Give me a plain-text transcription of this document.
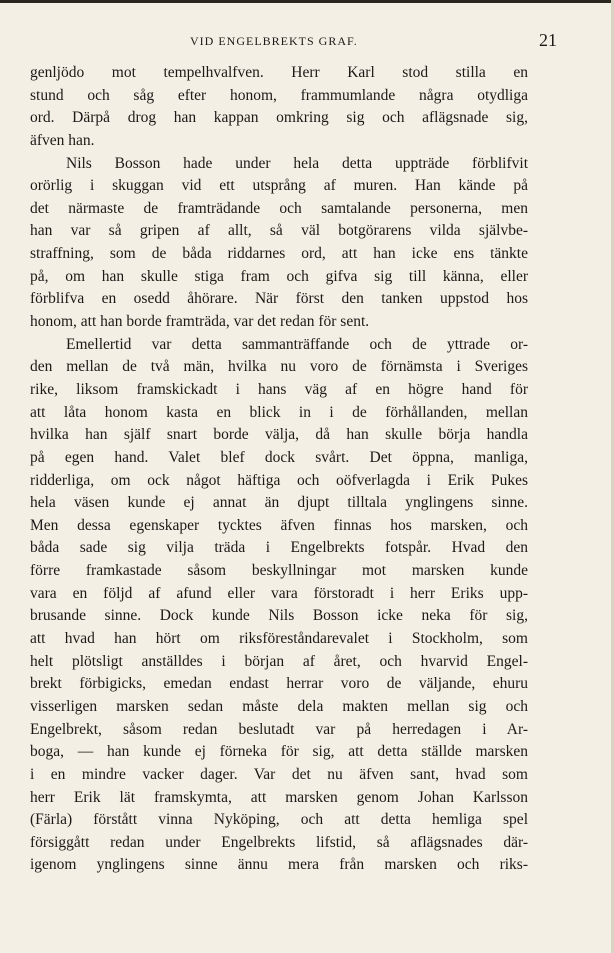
VID ENGELBREKTS GRAF.	21
genljödo mot tempelhvalfven. Herr Karl stod stilla en
stund och såg efter honom, frammumlande några otydliga
ord. Därpå drog han kappan omkring sig och aflägsnade sig,
äfven han.
Nils Bosson hade under hela detta uppträde förblifvit
orörlig i skuggan vid ett utsprång af muren. Han kände på
det närmaste de framträdande och samtalande personerna, men
han var så gripen af allt, så väl botgörarens vilda självbe-
straffning, som de båda riddarnes ord, att han icke ens tänkte
på, om han skulle stiga fram och gifva sig till känna, eller
förblifva en osedd åhörare. När först den tanken uppstod hos
honom, att han borde framträda, var det redan för sent.
Emellertid var detta sammanträffande och de yttrade or-
den mellan de två män, hvilka nu voro de förnämsta i Sveriges
rike, liksom framskickadt i hans väg af en högre hand för
att låta honom kasta en blick in i de förhållanden, mellan
hvilka han själf snart borde välja, då han skulle börja handla
på egen hand. Valet blef dock svårt. Det öppna, manliga,
ridderliga, om ock något häftiga och oöfverlagda i Erik Pukes
hela väsen kunde ej annat än djupt tilltala ynglingens sinne.
Men dessa egenskaper tycktes äfven finnas hos marsken, och
båda sade sig vilja träda i Engelbrekts fotspår. Hvad den
förre framkastade såsom beskyllningar mot marsken kunde
vara en följd af afund eller vara förstoradt i herr Eriks upp-
brusande sinne. Dock kunde Nils Bosson icke neka för sig,
att hvad han hört om riksföreståndarevalet i Stockholm, som
helt plötsligt anställdes i början af året, och hvarvid Engel-
brekt förbigicks, emedan endast herrar voro de väljande, ehuru
visserligen marsken sedan måste dela makten mellan sig och
Engelbrekt, såsom redan beslutadt var på herredagen i Ar-
boga, — han kunde ej förneka för sig, att detta ställde marsken
i en mindre vacker dager. Var det nu äfven sant, hvad som
herr Erik lät framskymta, att marsken genom Johan Karlsson
(Färla) förstått vinna Nyköping, och att detta hemliga spel
försiggått redan under Engelbrekts lifstid, så aflägsnades där-
igenom ynglingens sinne ännu mera från marsken och riks-
